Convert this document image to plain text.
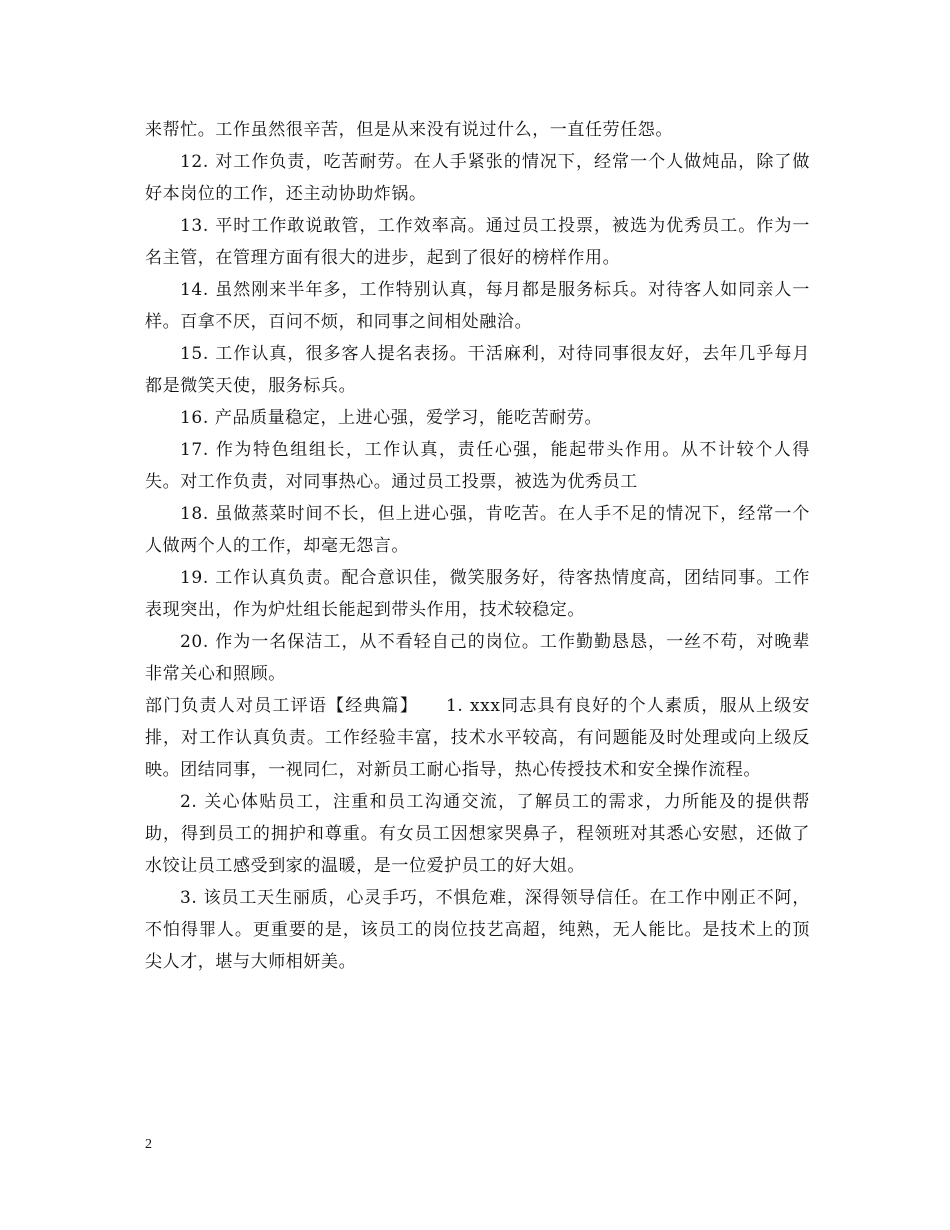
来帮忙。工作虽然很辛苦，但是从来没有说过什么，一直任劳任怨。

12. 对工作负责，吃苦耐劳。在人手紧张的情况下，经常一个人做炖品，除了做好本岗位的工作，还主动协助炸锅。

13. 平时工作敢说敢管，工作效率高。通过员工投票，被选为优秀员工。作为一名主管，在管理方面有很大的进步，起到了很好的榜样作用。

14. 虽然刚来半年多，工作特别认真，每月都是服务标兵。对待客人如同亲人一样。百拿不厌，百问不烦，和同事之间相处融洽。

15. 工作认真，很多客人提名表扬。干活麻利，对待同事很友好，去年几乎每月都是微笑天使，服务标兵。

16. 产品质量稳定，上进心强，爱学习，能吃苦耐劳。

17. 作为特色组组长，工作认真，责任心强，能起带头作用。从不计较个人得失。对工作负责，对同事热心。通过员工投票，被选为优秀员工

18. 虽做蒸菜时间不长，但上进心强，肯吃苦。在人手不足的情况下，经常一个人做两个人的工作，却毫无怨言。

19. 工作认真负责。配合意识佳，微笑服务好，待客热情度高，团结同事。工作表现突出，作为炉灶组长能起到带头作用，技术较稳定。

20. 作为一名保洁工，从不看轻自己的岗位。工作勤勤恳恳，一丝不苟，对晚辈非常关心和照顾。

部门负责人对员工评语【经典篇】　　1. xxx同志具有良好的个人素质，服从上级安排，对工作认真负责。工作经验丰富，技术水平较高，有问题能及时处理或向上级反映。团结同事，一视同仁，对新员工耐心指导，热心传授技术和安全操作流程。

2. 关心体贴员工，注重和员工沟通交流，了解员工的需求，力所能及的提供帮助，得到员工的拥护和尊重。有女员工因想家哭鼻子，程领班对其悉心安慰，还做了水饺让员工感受到家的温暖，是一位爱护员工的好大姐。

3. 该员工天生丽质，心灵手巧，不惧危难，深得领导信任。在工作中刚正不阿，不怕得罪人。更重要的是，该员工的岗位技艺高超，纯熟，无人能比。是技术上的顶尖人才，堪与大师相妍美。

2
